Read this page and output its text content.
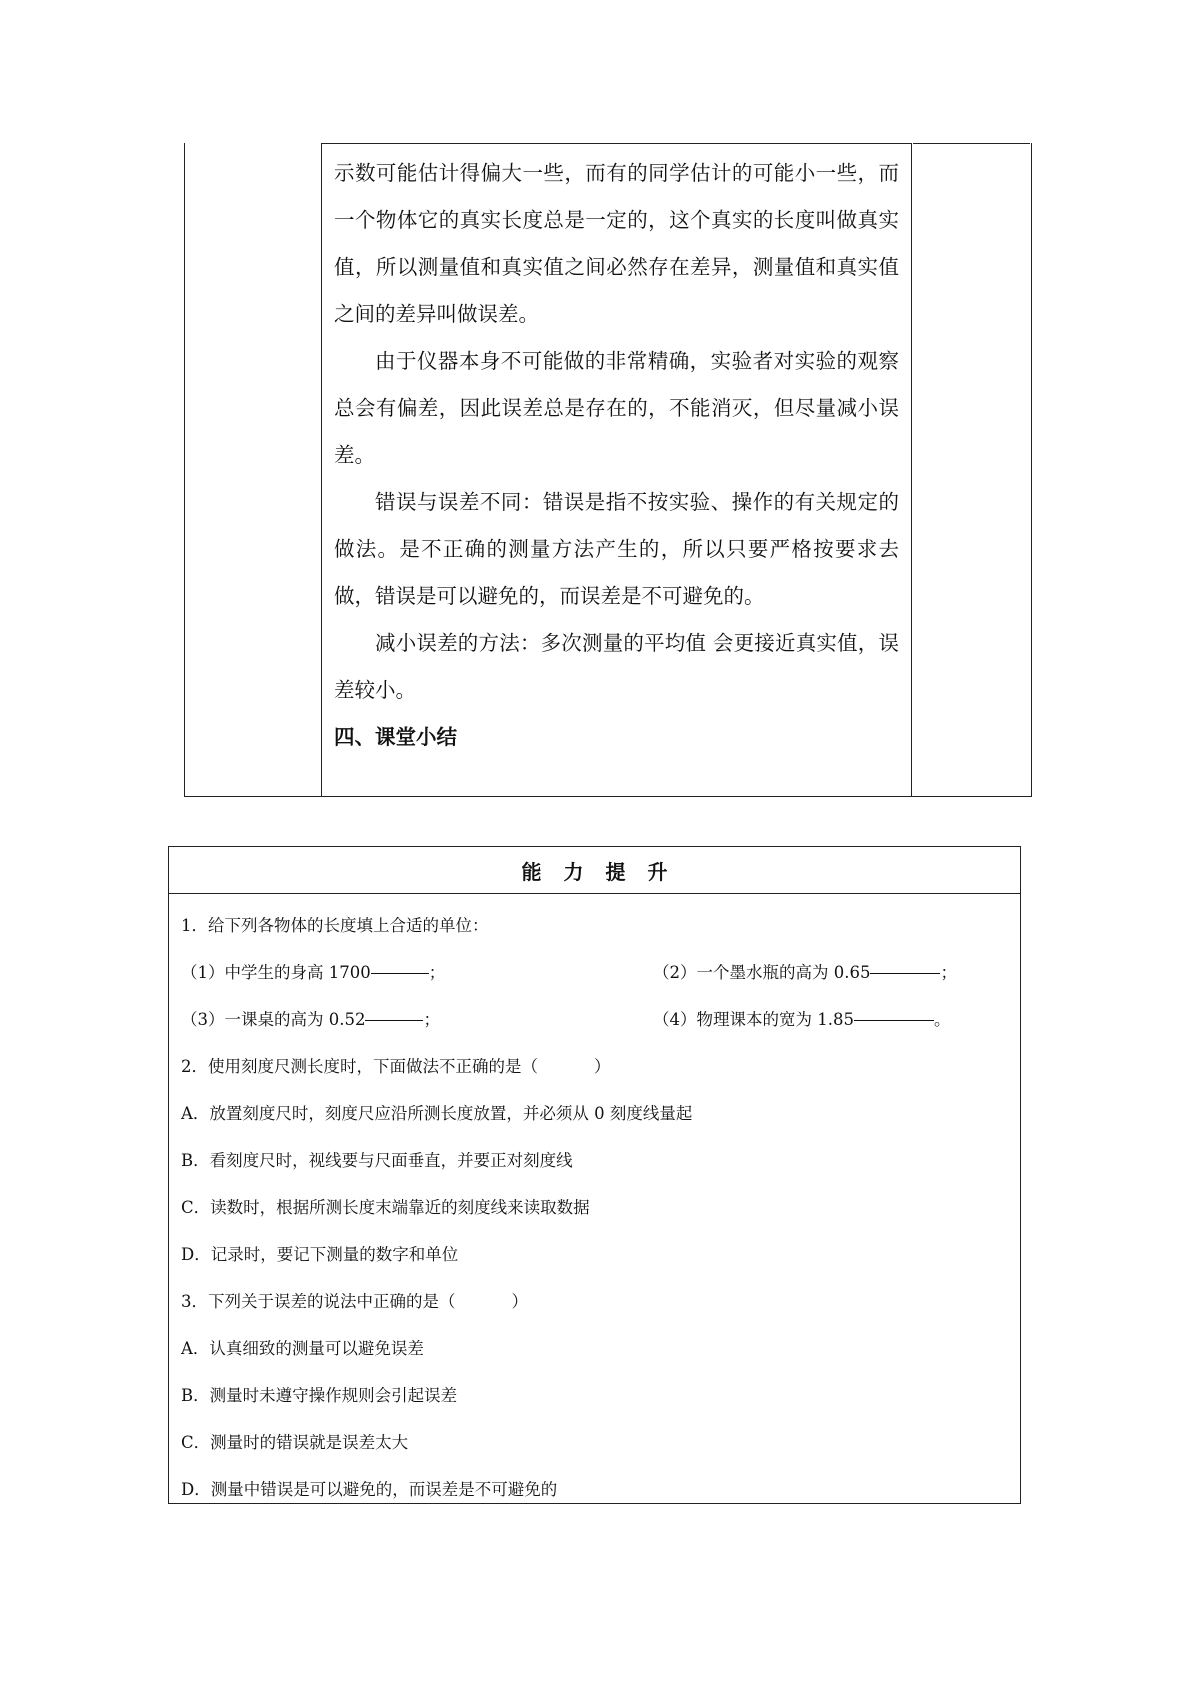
示数可能估计得偏大一些，而有的同学估计的可能小一些，而一个物体它的真实长度总是一定的，这个真实的长度叫做真实值，所以测量值和真实值之间必然存在差异，测量值和真实值之间的差异叫做误差。

由于仪器本身不可能做的非常精确，实验者对实验的观察总会有偏差，因此误差总是存在的，不能消灭，但尽量减小误差。

错误与误差不同：错误是指不按实验、操作的有关规定的做法。是不正确的测量方法产生的，所以只要严格按要求去做，错误是可以避免的，而误差是不可避免的。

减小误差的方法：多次测量的平均值 会更接近真实值，误差较小。

四、课堂小结

能力提升

1．给下列各物体的长度填上合适的单位：

（1）中学生的身高 1700	；	（2）一个墨水瓶的高为 0.65	；
（3）一课桌的高为 0.52	；	（4）物理课本的宽为 1.85	。

2．使用刻度尺测长度时，下面做法不正确的是（	）

A．放置刻度尺时，刻度尺应沿所测长度放置，并必须从 0 刻度线量起

B．看刻度尺时，视线要与尺面垂直，并要正对刻度线

C．读数时，根据所测长度末端靠近的刻度线来读取数据

D．记录时，要记下测量的数字和单位

3．下列关于误差的说法中正确的是（	）

A．认真细致的测量可以避免误差

B．测量时未遵守操作规则会引起误差

C．测量时的错误就是误差太大

D．测量中错误是可以避免的，而误差是不可避免的
